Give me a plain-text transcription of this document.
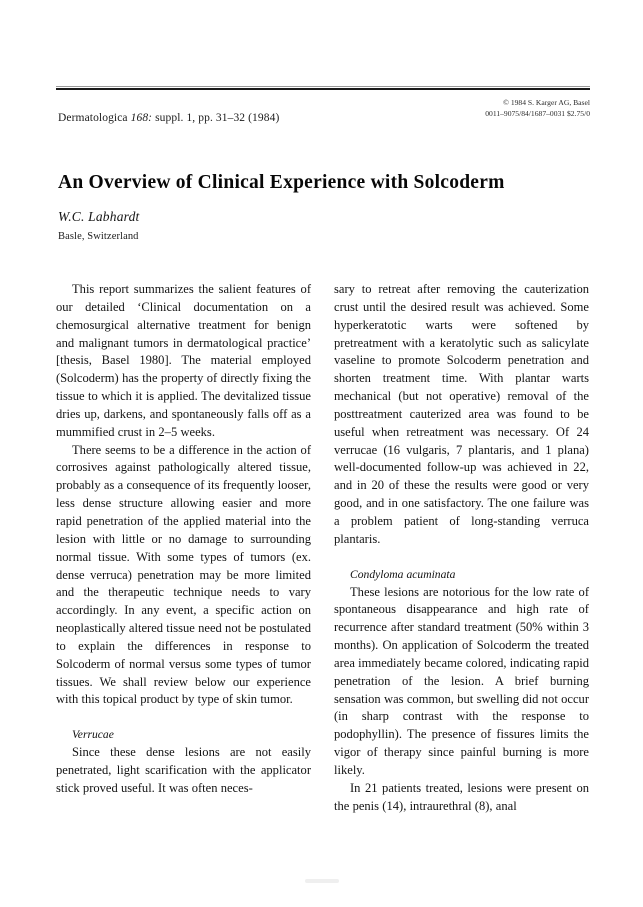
Dermatologica 168: suppl. 1, pp. 31–32 (1984)
© 1984 S. Karger AG, Basel
0011–9075/84/1687–0031 $2.75/0
An Overview of Clinical Experience with Solcoderm
W.C. Labhardt
Basle, Switzerland

This report summarizes the salient features of our detailed ‘Clinical documentation on a chemosurgical alternative treatment for benign and malignant tumors in dermatological practice’ [thesis, Basel 1980]. The material employed (Solcoderm) has the property of directly fixing the tissue to which it is applied. The devitalized tissue dries up, darkens, and spontaneously falls off as a mummified crust in 2–5 weeks.

There seems to be a difference in the action of corrosives against pathologically altered tissue, probably as a consequence of its frequently looser, less dense structure allowing easier and more rapid penetration of the applied material into the lesion with little or no damage to surrounding normal tissue. With some types of tumors (ex. dense verruca) penetration may be more limited and the therapeutic technique needs to vary accordingly. In any event, a specific action on neoplastically altered tissue need not be postulated to explain the differences in response to Solcoderm of normal versus some types of tumor tissues. We shall review below our experience with this topical product by type of skin tumor.

Verrucae

Since these dense lesions are not easily penetrated, light scarification with the applicator stick proved useful. It was often neces-

sary to retreat after removing the cauterization crust until the desired result was achieved. Some hyperkeratotic warts were softened by pretreatment with a keratolytic such as salicylate vaseline to promote Solcoderm penetration and shorten treatment time. With plantar warts mechanical (but not operative) removal of the posttreatment cauterized area was found to be useful when retreatment was necessary. Of 24 verrucae (16 vulgaris, 7 plantaris, and 1 plana) well-documented follow-up was achieved in 22, and in 20 of these the results were good or very good, and in one satisfactory. The one failure was a problem patient of long-standing verruca plantaris.

Condyloma acuminata

These lesions are notorious for the low rate of spontaneous disappearance and high rate of recurrence after standard treatment (50% within 3 months). On application of Solcoderm the treated area immediately became colored, indicating rapid penetration of the lesion. A brief burning sensation was common, but swelling did not occur (in sharp contrast with the response to podophyllin). The presence of fissures limits the vigor of therapy since painful burning is more likely.

In 21 patients treated, lesions were present on the penis (14), intraurethral (8), anal
